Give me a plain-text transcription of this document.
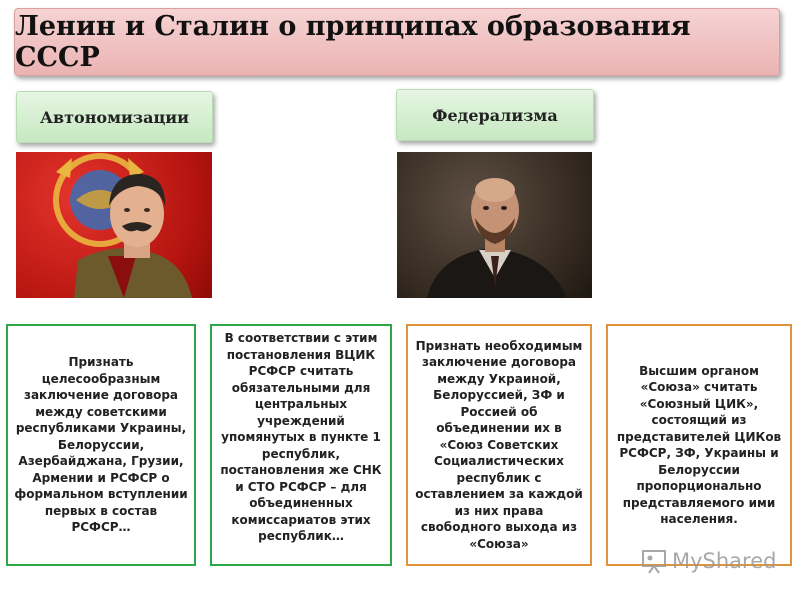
Ленин и Сталин о принципах образования СССР
Автономизации	Федерализма

Признать целесообразным заключение договора между советскими республиками Украины, Белоруссии, Азербайджана, Грузии, Армении и РСФСР о формальном вступлении первых в состав РСФСР…

В соответствии с этим постановления ВЦИК РСФСР считать обязательными для центральных учреждений упомянутых в пункте 1 республик, постановления же СНК и СТО РСФСР – для объединенных комиссариатов этих республик…

Признать необходимым заключение договора между Украиной, Белоруссией, ЗФ и Россией об объединении их в «Союз Советских Социалистических республик с оставлением за каждой из них права свободного выхода из «Союза»

Высшим органом «Союза» считать «Союзный ЦИК», состоящий из представителей ЦИКов РСФСР, ЗФ, Украины и Белоруссии пропорционально представляемого ими населения.

MyShared
